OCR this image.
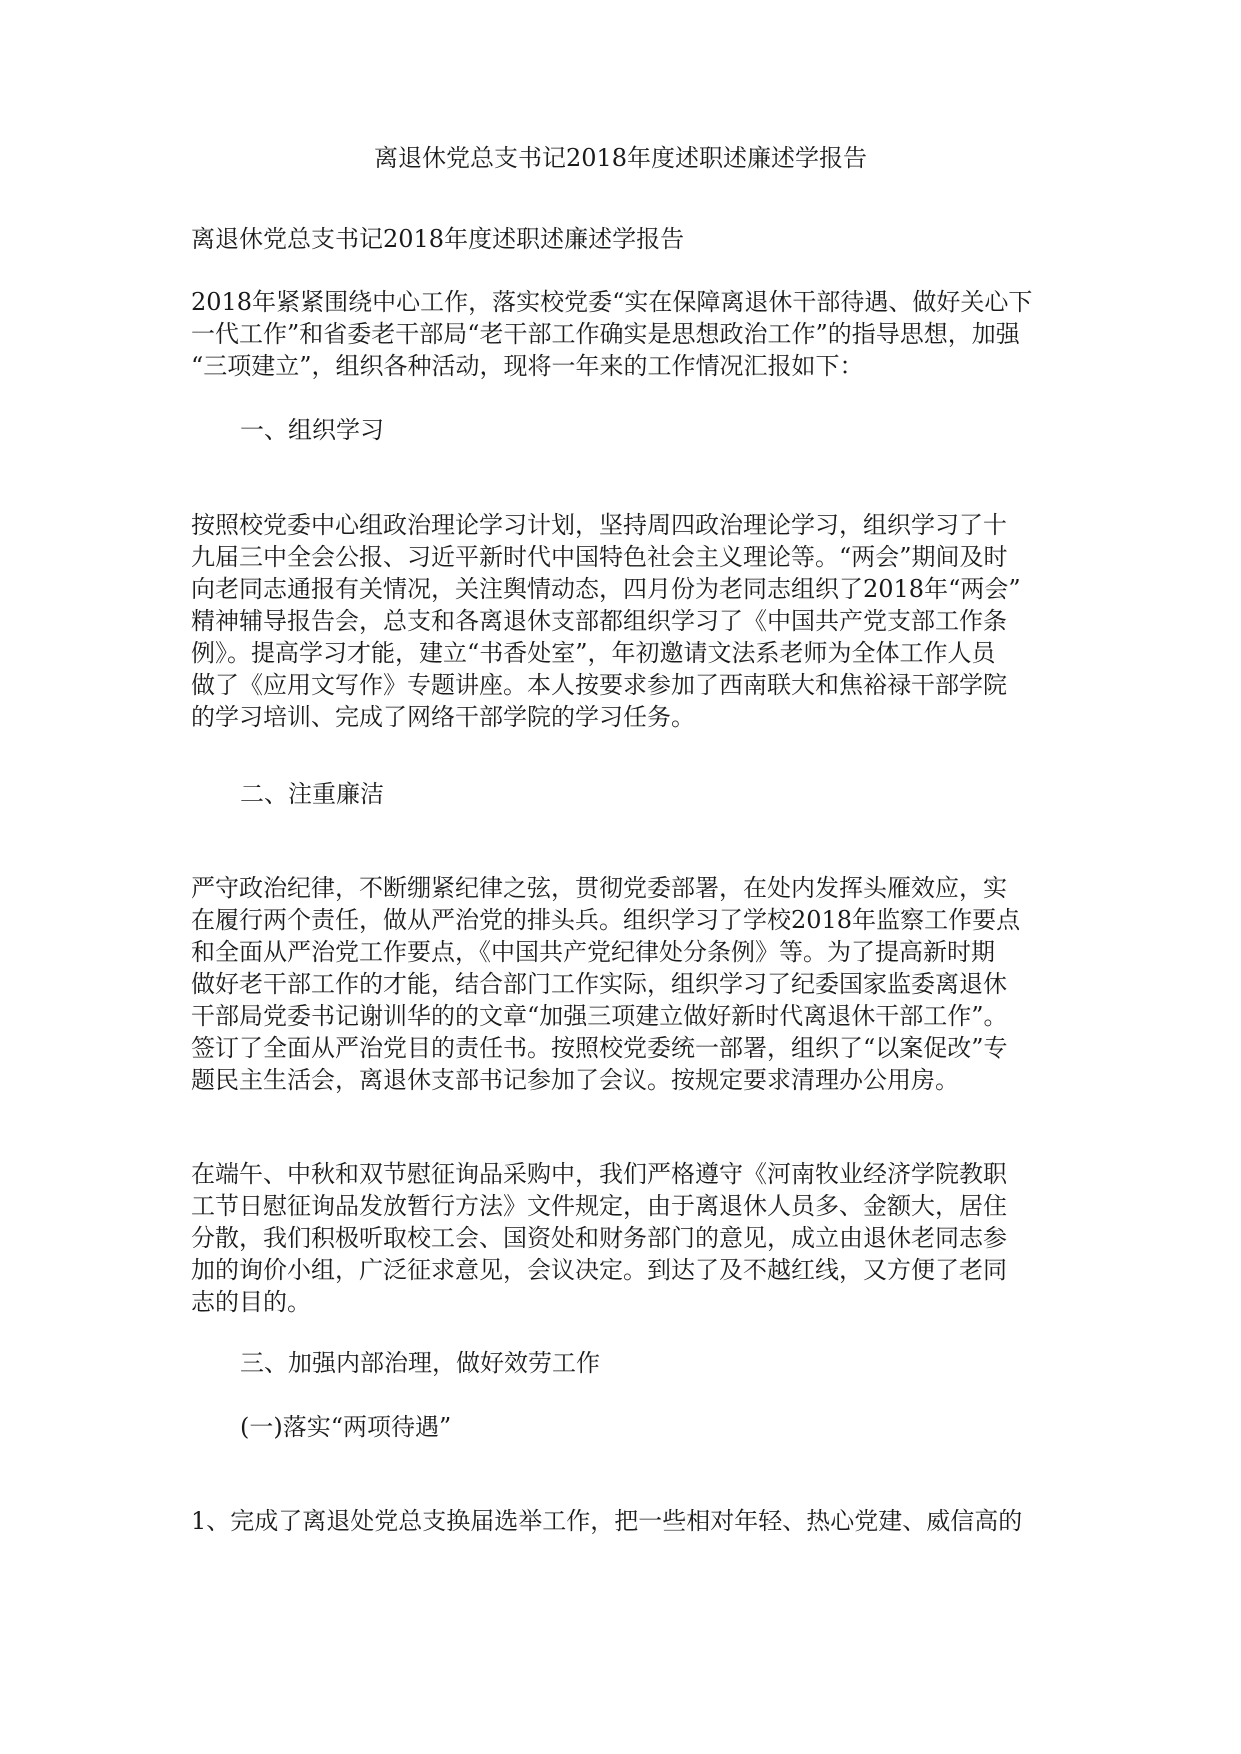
离退休党总支书记2018年度述职述廉述学报告
离退休党总支书记2018年度述职述廉述学报告
2018年紧紧围绕中心工作，落实校党委“实在保障离退休干部待遇、做好关心下
一代工作”和省委老干部局“老干部工作确实是思想政治工作”的指导思想，加强
“三项建立”，组织各种活动，现将一年来的工作情况汇报如下：
一、组织学习
按照校党委中心组政治理论学习计划，坚持周四政治理论学习，组织学习了十
九届三中全会公报、习近平新时代中国特色社会主义理论等。“两会”期间及时
向老同志通报有关情况，关注舆情动态，四月份为老同志组织了2018年“两会”
精神辅导报告会，总支和各离退休支部都组织学习了《中国共产党支部工作条
例》。提高学习才能，建立“书香处室”，年初邀请文法系老师为全体工作人员
做了《应用文写作》专题讲座。本人按要求参加了西南联大和焦裕禄干部学院
的学习培训、完成了网络干部学院的学习任务。
二、注重廉洁
严守政治纪律，不断绷紧纪律之弦，贯彻党委部署，在处内发挥头雁效应，实
在履行两个责任，做从严治党的排头兵。组织学习了学校2018年监察工作要点
和全面从严治党工作要点，《中国共产党纪律处分条例》等。为了提高新时期
做好老干部工作的才能，结合部门工作实际，组织学习了纪委国家监委离退休
干部局党委书记谢训华的的文章“加强三项建立做好新时代离退休干部工作”。
签订了全面从严治党目的责任书。按照校党委统一部署，组织了“以案促改”专
题民主生活会，离退休支部书记参加了会议。按规定要求清理办公用房。
在端午、中秋和双节慰征询品采购中，我们严格遵守《河南牧业经济学院教职
工节日慰征询品发放暂行方法》文件规定，由于离退休人员多、金额大，居住
分散，我们积极听取校工会、国资处和财务部门的意见，成立由退休老同志参
加的询价小组，广泛征求意见，会议决定。到达了及不越红线，又方便了老同
志的目的。
三、加强内部治理，做好效劳工作
(一)落实“两项待遇”
1、完成了离退处党总支换届选举工作，把一些相对年轻、热心党建、威信高的
